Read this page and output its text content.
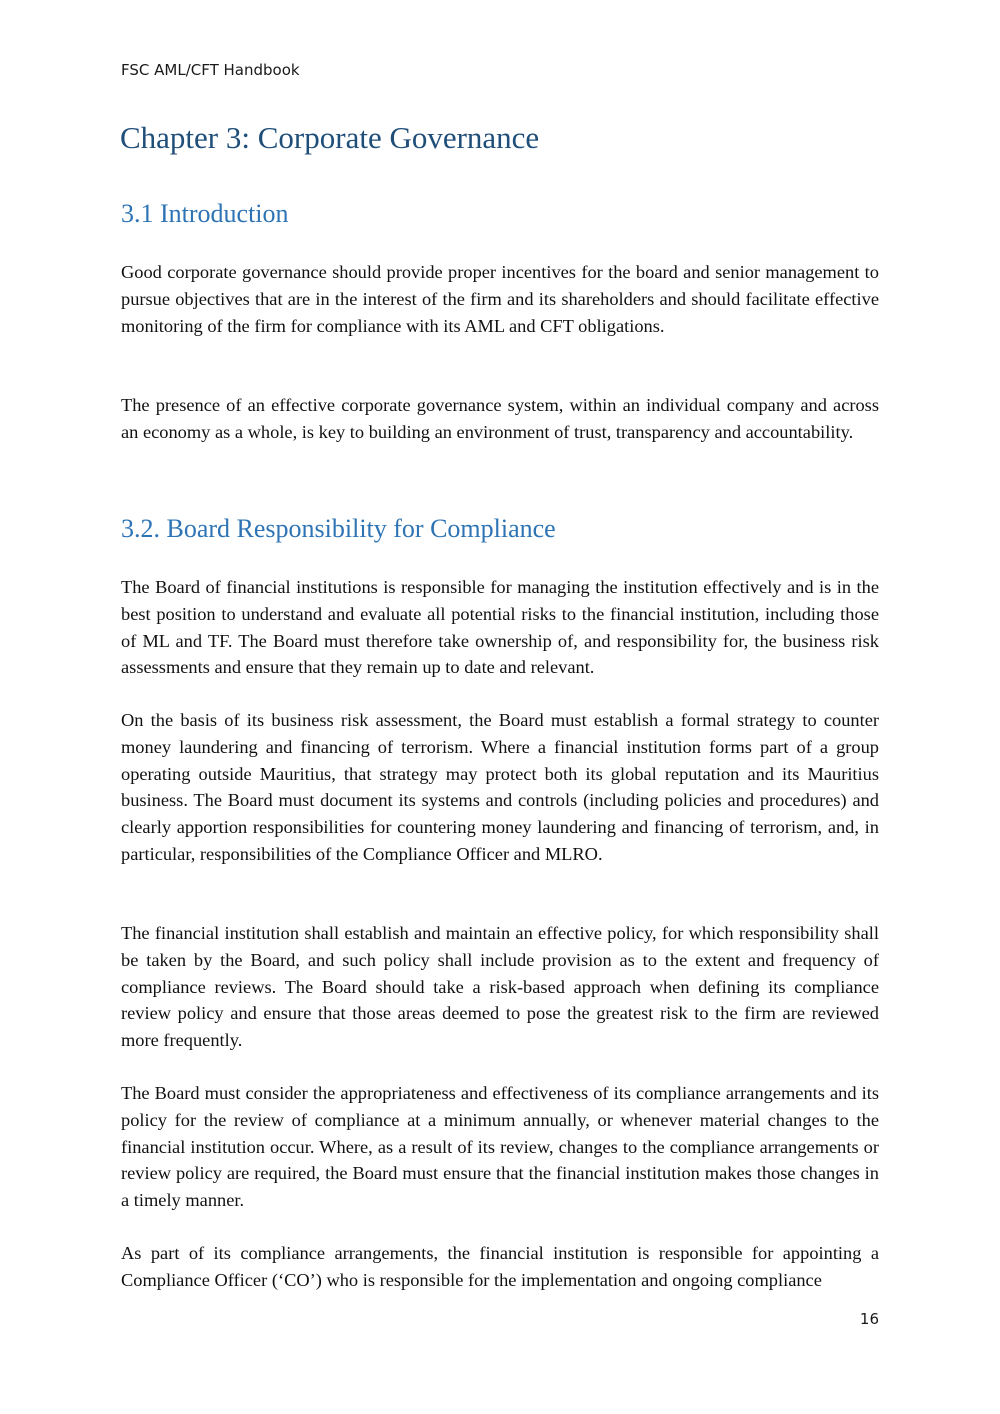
FSC AML/CFT Handbook
Chapter 3: Corporate Governance
3.1 Introduction

Good corporate governance should provide proper incentives for the board and senior management to pursue objectives that are in the interest of the firm and its shareholders and should facilitate effective monitoring of the firm for compliance with its AML and CFT obligations.

The presence of an effective corporate governance system, within an individual company and across an economy as a whole, is key to building an environment of trust, transparency and accountability.

3.2. Board Responsibility for Compliance

The Board of financial institutions is responsible for managing the institution effectively and is in the best position to understand and evaluate all potential risks to the financial institution, including those of ML and TF. The Board must therefore take ownership of, and responsibility for, the business risk assessments and ensure that they remain up to date and relevant.

On the basis of its business risk assessment, the Board must establish a formal strategy to counter money laundering and financing of terrorism. Where a financial institution forms part of a group operating outside Mauritius, that strategy may protect both its global reputation and its Mauritius business. The Board must document its systems and controls (including policies and procedures) and clearly apportion responsibilities for countering money laundering and financing of terrorism, and, in particular, responsibilities of the Compliance Officer and MLRO.

The financial institution shall establish and maintain an effective policy, for which responsibility shall be taken by the Board, and such policy shall include provision as to the extent and frequency of compliance reviews. The Board should take a risk-based approach when defining its compliance review policy and ensure that those areas deemed to pose the greatest risk to the firm are reviewed more frequently.

The Board must consider the appropriateness and effectiveness of its compliance arrangements and its policy for the review of compliance at a minimum annually, or whenever material changes to the financial institution occur. Where, as a result of its review, changes to the compliance arrangements or review policy are required, the Board must ensure that the financial institution makes those changes in a timely manner.

As part of its compliance arrangements, the financial institution is responsible for appointing a Compliance Officer (‘CO’) who is responsible for the implementation and ongoing compliance

16
